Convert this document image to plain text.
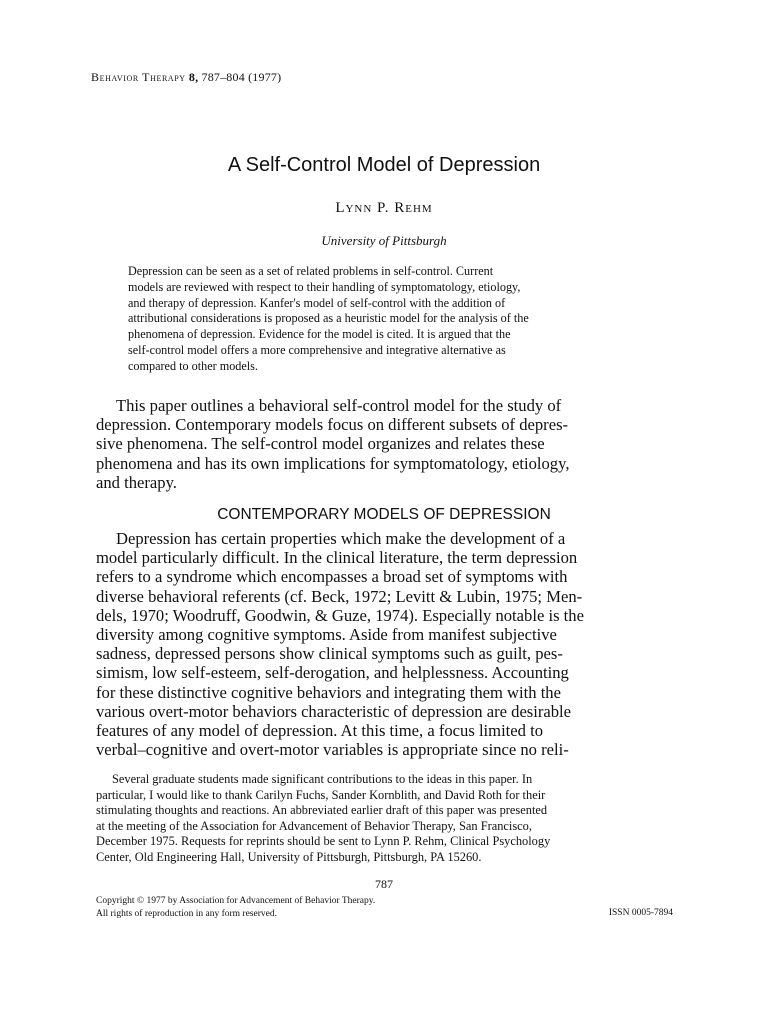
Behavior Therapy 8, 787–804 (1977)
A Self-Control Model of Depression
Lynn P. Rehm
University of Pittsburgh
Depression can be seen as a set of related problems in self-control. Current
models are reviewed with respect to their handling of symptomatology, etiology,
and therapy of depression. Kanfer's model of self-control with the addition of
attributional considerations is proposed as a heuristic model for the analysis of the
phenomena of depression. Evidence for the model is cited. It is argued that the
self-control model offers a more comprehensive and integrative alternative as
compared to other models.
This paper outlines a behavioral self-control model for the study of
depression. Contemporary models focus on different subsets of depres-
sive phenomena. The self-control model organizes and relates these
phenomena and has its own implications for symptomatology, etiology,
and therapy.
CONTEMPORARY MODELS OF DEPRESSION
Depression has certain properties which make the development of a
model particularly difficult. In the clinical literature, the term depression
refers to a syndrome which encompasses a broad set of symptoms with
diverse behavioral referents (cf. Beck, 1972; Levitt & Lubin, 1975; Men-
dels, 1970; Woodruff, Goodwin, & Guze, 1974). Especially notable is the
diversity among cognitive symptoms. Aside from manifest subjective
sadness, depressed persons show clinical symptoms such as guilt, pes-
simism, low self-esteem, self-derogation, and helplessness. Accounting
for these distinctive cognitive behaviors and integrating them with the
various overt-motor behaviors characteristic of depression are desirable
features of any model of depression. At this time, a focus limited to
verbal–cognitive and overt-motor variables is appropriate since no reli-
Several graduate students made significant contributions to the ideas in this paper. In
particular, I would like to thank Carilyn Fuchs, Sander Kornblith, and David Roth for their
stimulating thoughts and reactions. An abbreviated earlier draft of this paper was presented
at the meeting of the Association for Advancement of Behavior Therapy, San Francisco,
December 1975. Requests for reprints should be sent to Lynn P. Rehm, Clinical Psychology
Center, Old Engineering Hall, University of Pittsburgh, Pittsburgh, PA 15260.
787
Copyright © 1977 by Association for Advancement of Behavior Therapy.
All rights of reproduction in any form reserved.	ISSN 0005-7894
